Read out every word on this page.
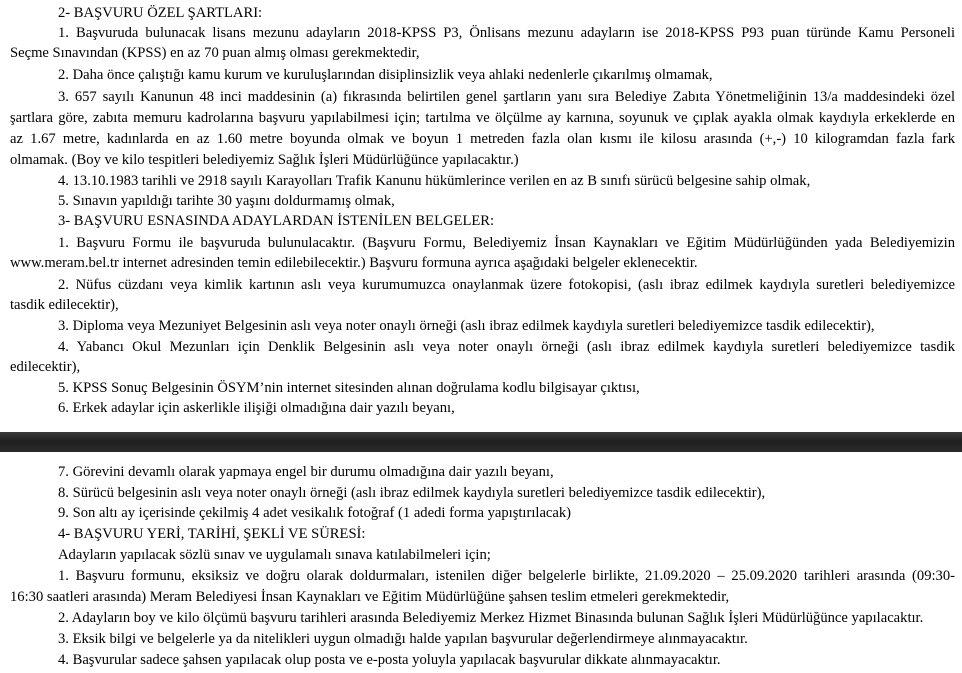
2- BAŞVURU ÖZEL ŞARTLARI:
1. Başvuruda bulunacak lisans mezunu adayların 2018-KPSS P3, Önlisans mezunu adayların ise 2018-KPSS P93 puan türünde Kamu Personeli
Seçme Sınavından (KPSS) en az 70 puan almış olması gerekmektedir,
2. Daha önce çalıştığı kamu kurum ve kuruluşlarından disiplinsizlik veya ahlaki nedenlerle çıkarılmış olmamak,
3. 657 sayılı Kanunun 48 inci maddesinin (a) fıkrasında belirtilen genel şartların yanı sıra Belediye Zabıta Yönetmeliğinin 13/a maddesindeki özel
şartlara göre, zabıta memuru kadrolarına başvuru yapılabilmesi için; tartılma ve ölçülme ay karnına, soyunuk ve çıplak ayakla olmak kaydıyla erkeklerde en
az 1.67 metre, kadınlarda en az 1.60 metre boyunda olmak ve boyun 1 metreden fazla olan kısmı ile kilosu arasında (+,-) 10 kilogramdan fazla fark
olmamak. (Boy ve kilo tespitleri belediyemiz Sağlık İşleri Müdürlüğünce yapılacaktır.)
4. 13.10.1983 tarihli ve 2918 sayılı Karayolları Trafik Kanunu hükümlerince verilen en az B sınıfı sürücü belgesine sahip olmak,
5. Sınavın yapıldığı tarihte 30 yaşını doldurmamış olmak,
3- BAŞVURU ESNASINDA ADAYLARDAN İSTENİLEN BELGELER:
1. Başvuru Formu ile başvuruda bulunulacaktır. (Başvuru Formu, Belediyemiz İnsan Kaynakları ve Eğitim Müdürlüğünden yada Belediyemizin
www.meram.bel.tr internet adresinden temin edilebilecektir.) Başvuru formuna ayrıca aşağıdaki belgeler eklenecektir.
2. Nüfus cüzdanı veya kimlik kartının aslı veya kurumumuzca onaylanmak üzere fotokopisi, (aslı ibraz edilmek kaydıyla suretleri belediyemizce
tasdik edilecektir),
3. Diploma veya Mezuniyet Belgesinin aslı veya noter onaylı örneği (aslı ibraz edilmek kaydıyla suretleri belediyemizce tasdik edilecektir),
4. Yabancı Okul Mezunları için Denklik Belgesinin aslı veya noter onaylı örneği (aslı ibraz edilmek kaydıyla suretleri belediyemizce tasdik
edilecektir),
5. KPSS Sonuç Belgesinin ÖSYM’nin internet sitesinden alınan doğrulama kodlu bilgisayar çıktısı,
6. Erkek adaylar için askerlikle ilişiği olmadığına dair yazılı beyanı,
7. Görevini devamlı olarak yapmaya engel bir durumu olmadığına dair yazılı beyanı,
8. Sürücü belgesinin aslı veya noter onaylı örneği (aslı ibraz edilmek kaydıyla suretleri belediyemizce tasdik edilecektir),
9. Son altı ay içerisinde çekilmiş 4 adet vesikalık fotoğraf (1 adedi forma yapıştırılacak)
4- BAŞVURU YERİ, TARİHİ, ŞEKLİ VE SÜRESİ:
Adayların yapılacak sözlü sınav ve uygulamalı sınava katılabilmeleri için;
1. Başvuru formunu, eksiksiz ve doğru olarak doldurmaları, istenilen diğer belgelerle birlikte, 21.09.2020 – 25.09.2020 tarihleri arasında (09:30-
16:30 saatleri arasında) Meram Belediyesi İnsan Kaynakları ve Eğitim Müdürlüğüne şahsen teslim etmeleri gerekmektedir,
2. Adayların boy ve kilo ölçümü başvuru tarihleri arasında Belediyemiz Merkez Hizmet Binasında bulunan Sağlık İşleri Müdürlüğünce yapılacaktır.
3. Eksik bilgi ve belgelerle ya da nitelikleri uygun olmadığı halde yapılan başvurular değerlendirmeye alınmayacaktır.
4. Başvurular sadece şahsen yapılacak olup posta ve e-posta yoluyla yapılacak başvurular dikkate alınmayacaktır.
